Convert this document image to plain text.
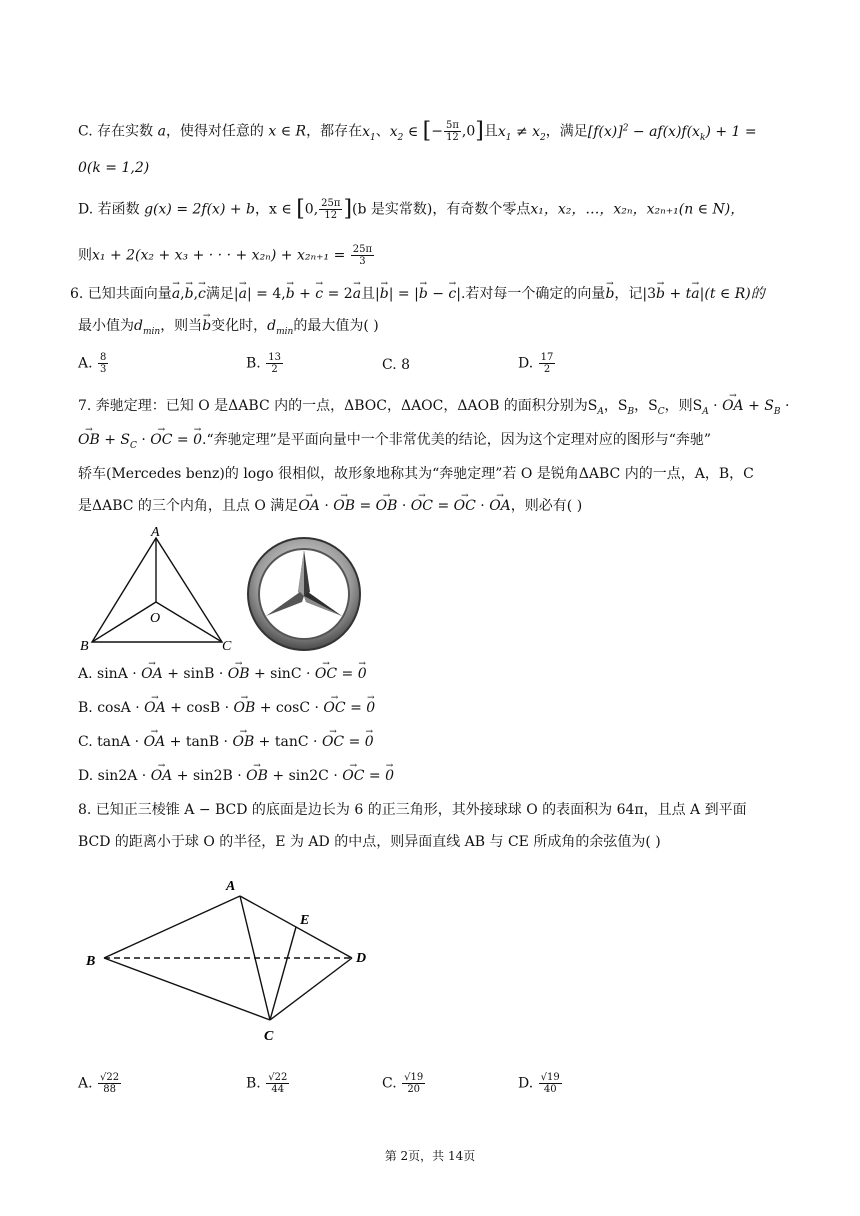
C. 存在实数 a，使得对任意的 x ∈ R，都存在$x_1$、$x_2$ ∈ [− $\frac{5\pi}{12} ,0$]且$x_1 \ne x_2$，满足$[f(x)]^2 - af(x)f(x_k) + 1$ =
0(k = 1,2)
D. 若函数 g(x) = 2f(x) + b，x ∈ [0, $\frac{25\pi}{12} ](b$ 是实常数)，有奇数个零点x₁，x₂，…，x₂ₙ，x₂ₙ₊₁(n ∈ N)，
则x₁ + 2(x₂ + x₃ + · · · + $x_{2n}) + x_{2n+1} = \frac{25\pi}{3}$
6. 已知共面向量→ a,→ b,→ c满足|→ a| = 4,→ b + → c = 2→ a且|→ b| = |→ b − → c|.若对每一个确定的向量→ b，记|3→ b + t→ a|(t ∈ R)的
最小值为$d_{min}$，则当→ b变化时，$d_{min}$的最大值为( )
A. $\frac{8}{3}$	B. $\frac{13}{2}$	C. 8	D. $\frac{17}{2}$
7. 奔驰定理：已知 O 是ΔABC 内的一点，ΔBOC，ΔAOC，ΔAOB 的面积分别为$S_A$，$S_B$，$S_C$，则$S_A$ · → OA + $S_B$ ·
→ OB + $S_C$ · → OC = → 0.“奔驰定理”是平面向量中一个非常优美的结论，因为这个定理对应的图形与“奔驰”
轿车(Mercedes benz)的 logo 很相似，故形象地称其为“奔驰定理”若 O 是锐角ΔABC 内的一点，A，B，C
是ΔABC 的三个内角，且点 O 满足→ OA · → OB = → OB · → OC = → OC · → OA，则必有( )
A
O
B	C
A. sinA · → OA + sinB · → OB + sinC · → OC = → 0
B. cosA · → OA + cosB · → OB + cosC · → OC = → 0
C. tanA · → OA + tanB · → OB + tanC · → OC = → 0
D. sin2A · → OA + sin2B · → OB + sin2C · → OC = → 0
8. 已知正三棱锥 A − BCD 的底面是边长为 6 的正三角形，其外接球球 O 的表面积为 64π，且点 A 到平面
BCD 的距离小于球 O 的半径，E 为 AD 的中点，则异面直线 AB 与 CE 所成角的余弦值为( )
A
B
C
D
E
A. $\frac{√22}{88}$	B. $\frac{√22}{44}$	C. $\frac{√19}{20}$	D. $\frac{√19}{40}$
第 2页，共 14页
